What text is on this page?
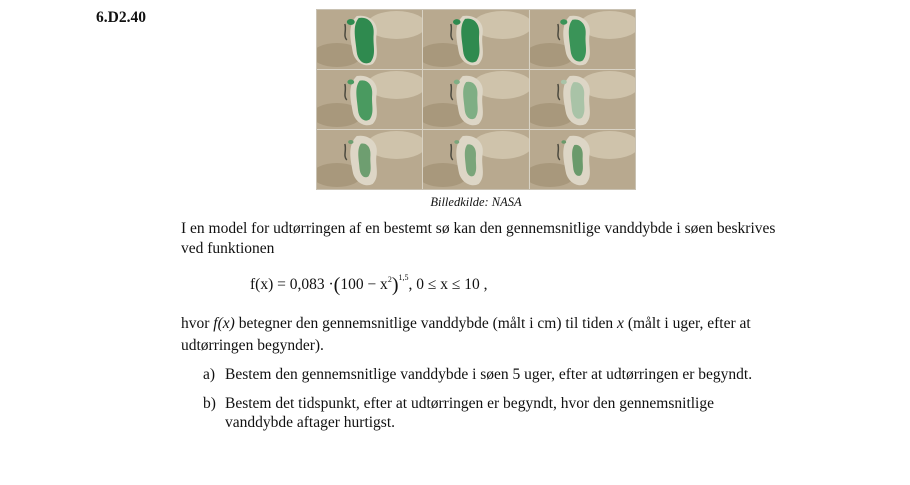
6.D2.40
Billedkilde: NASA
I en model for udtørringen af en bestemt sø kan den gennemsnitlige vanddybde i søen beskrives ved funktionen
$f(x) = 0,083 \cdot(100 - x^2)^{1,5}$, 0 ≤ x ≤ 10 ,
hvor f(x) betegner den gennemsnitlige vanddybde (målt i cm) til tiden x (målt i uger, efter at udtørringen begynder).
a) Bestem den gennemsnitlige vanddybde i søen 5 uger, efter at udtørringen er begyndt.
b) Bestem det tidspunkt, efter at udtørringen er begyndt, hvor den gennemsnitlige vanddybde aftager hurtigst.
